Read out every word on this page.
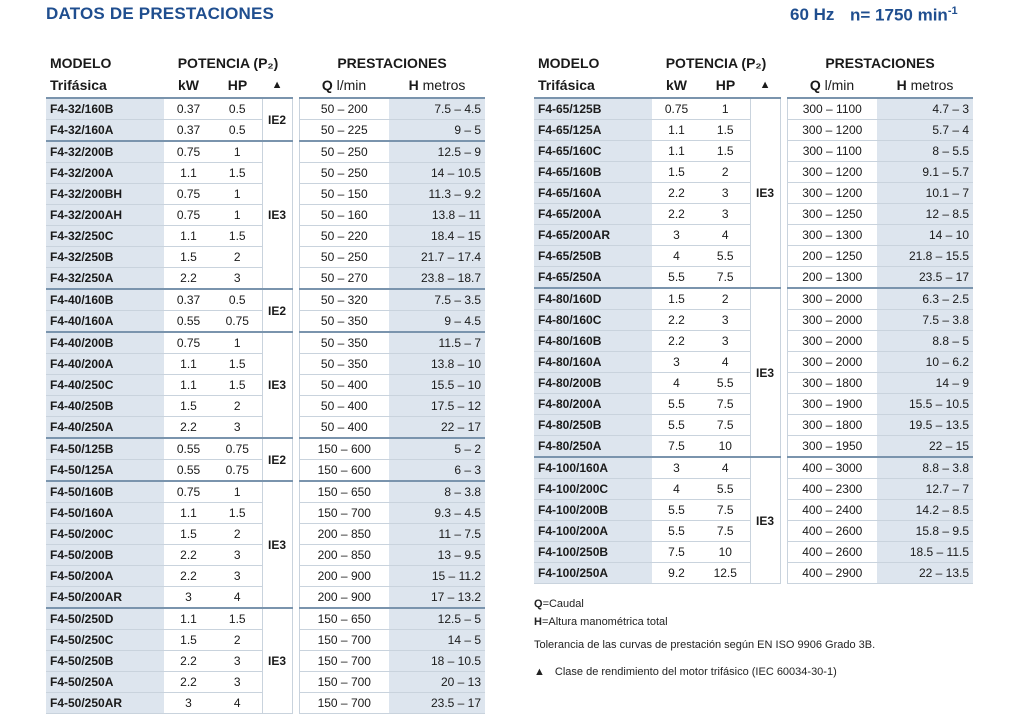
DATOS DE PRESTACIONES	60 Hz n= 1750 $\min^{-1}$
MODELO	POTENCIA (P₂)				PRESTACIONES	
Trifásica	kW	HP	▲		Q l/min	H metros
F4-32/160B	0.37	0.5	IE2		50 – 200	7.5 – 4.5
F4-32/160A	0.37	0.5			50 – 225	9 – 5
F4-32/200B	0.75	1	IE3		50 – 250	12.5 – 9
F4-32/200A	1.1	1.5			50 – 250	14 – 10.5
F4-32/200BH	0.75	1			50 – 150	11.3 – 9.2
F4-32/200AH	0.75	1			50 – 160	13.8 – 11
F4-32/250C	1.1	1.5			50 – 220	18.4 – 15
F4-32/250B	1.5	2			50 – 250	21.7 – 17.4
F4-32/250A	2.2	3			50 – 270	23.8 – 18.7
F4-40/160B	0.37	0.5	IE2		50 – 320	7.5 – 3.5
F4-40/160A	0.55	0.75			50 – 350	9 – 4.5
F4-40/200B	0.75	1	IE3		50 – 350	11.5 – 7
F4-40/200A	1.1	1.5			50 – 350	13.8 – 10
F4-40/250C	1.1	1.5			50 – 400	15.5 – 10
F4-40/250B	1.5	2			50 – 400	17.5 – 12
F4-40/250A	2.2	3			50 – 400	22 – 17
F4-50/125B	0.55	0.75	IE2		150 – 600	5 – 2
F4-50/125A	0.55	0.75			150 – 600	6 – 3
F4-50/160B	0.75	1	IE3		150 – 650	8 – 3.8
F4-50/160A	1.1	1.5			150 – 700	9.3 – 4.5
F4-50/200C	1.5	2			200 – 850	11 – 7.5
F4-50/200B	2.2	3			200 – 850	13 – 9.5
F4-50/200A	2.2	3			200 – 900	15 – 11.2
F4-50/200AR	3	4			200 – 900	17 – 13.2
F4-50/250D	1.1	1.5	IE3		150 – 650	12.5 – 5
F4-50/250C	1.5	2			150 – 700	14 – 5
F4-50/250B	2.2	3			150 – 700	18 – 10.5
F4-50/250A	2.2	3			150 – 700	20 – 13
F4-50/250AR	3	4			150 – 700	23.5 – 17
MODELO	POTENCIA (P₂)				PRESTACIONES	
Trifásica	kW	HP	▲		Q l/min	H metros
F4-65/125B	0.75	1	IE3		300 – 1100	4.7 – 3
F4-65/125A	1.1	1.5			300 – 1200	5.7 – 4
F4-65/160C	1.1	1.5			300 – 1100	8 – 5.5
F4-65/160B	1.5	2			300 – 1200	9.1 – 5.7
F4-65/160A	2.2	3			300 – 1200	10.1 – 7
F4-65/200A	2.2	3			300 – 1250	12 – 8.5
F4-65/200AR	3	4			300 – 1300	14 – 10
F4-65/250B	4	5.5			200 – 1250	21.8 – 15.5
F4-65/250A	5.5	7.5			200 – 1300	23.5 – 17
F4-80/160D	1.5	2	IE3		300 – 2000	6.3 – 2.5
F4-80/160C	2.2	3			300 – 2000	7.5 – 3.8
F4-80/160B	2.2	3			300 – 2000	8.8 – 5
F4-80/160A	3	4			300 – 2000	10 – 6.2
F4-80/200B	4	5.5			300 – 1800	14 – 9
F4-80/200A	5.5	7.5			300 – 1900	15.5 – 10.5
F4-80/250B	5.5	7.5			300 – 1800	19.5 – 13.5
F4-80/250A	7.5	10			300 – 1950	22 – 15
F4-100/160A	3	4	IE3		400 – 3000	8.8 – 3.8
F4-100/200C	4	5.5			400 – 2300	12.7 – 7
F4-100/200B	5.5	7.5			400 – 2400	14.2 – 8.5
F4-100/200A	5.5	7.5			400 – 2600	15.8 – 9.5
F4-100/250B	7.5	10			400 – 2600	18.5 – 11.5
F4-100/250A	9.2	12.5			400 – 2900	22 – 13.5
Q=Caudal
H=Altura manométrica total
Tolerancia de las curvas de prestación según EN ISO 9906 Grado 3B.
▲ Clase de rendimiento del motor trifásico (IEC 60034-30-1)
